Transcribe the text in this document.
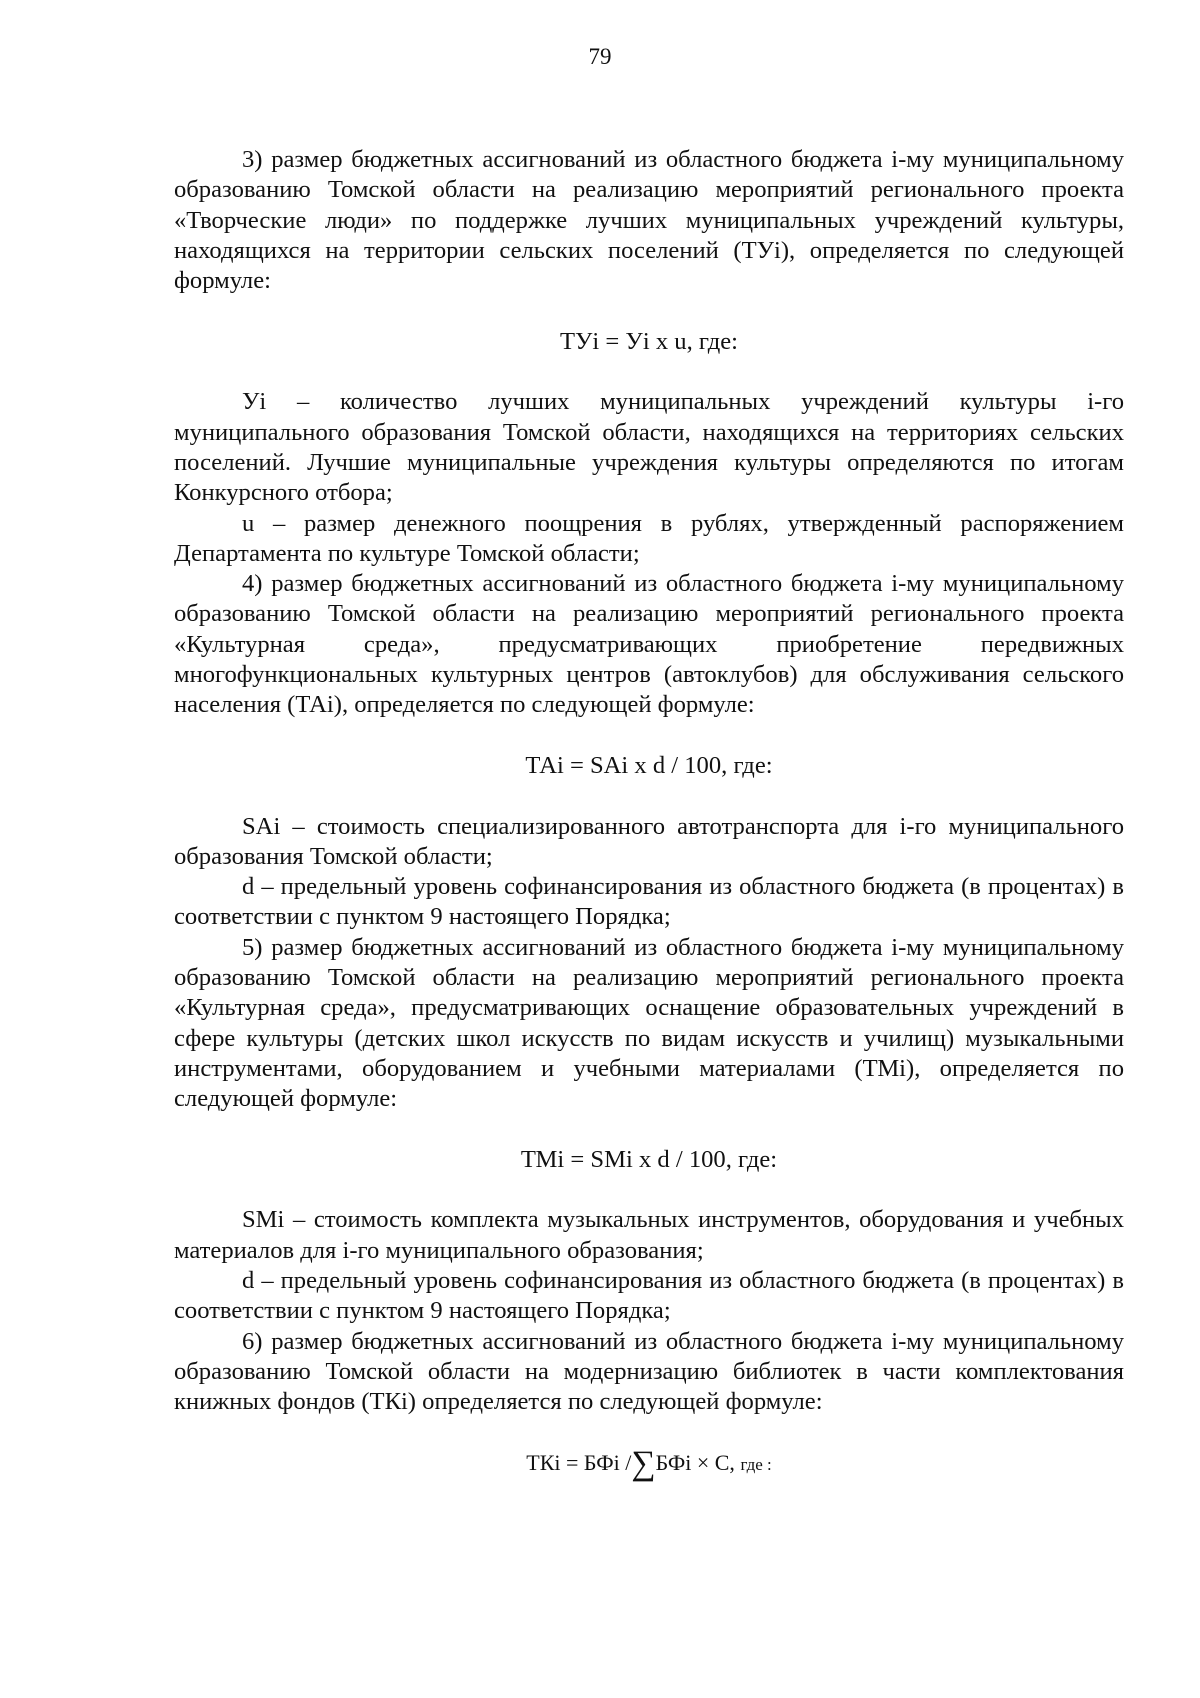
79

3) размер бюджетных ассигнований из областного бюджета i-му муниципальному образованию Томской области на реализацию мероприятий регионального проекта «Творческие люди» по поддержке лучших муниципальных учреждений культуры, находящихся на территории сельских поселений (ТУi), определяется по следующей формуле:

ТУi = Уi x u, где:

Уi – количество лучших муниципальных учреждений культуры i-го муниципального образования Томской области, находящихся на территориях сельских поселений. Лучшие муниципальные учреждения культуры определяются по итогам Конкурсного отбора;

u – размер денежного поощрения в рублях, утвержденный распоряжением Департамента по культуре Томской области;

4) размер бюджетных ассигнований из областного бюджета i-му муниципальному образованию Томской области на реализацию мероприятий регионального проекта «Культурная среда», предусматривающих приобретение передвижных многофункциональных культурных центров (автоклубов) для обслуживания сельского населения (ТАi), определяется по следующей формуле:

ТАi = SАi x d / 100, где:

SАi – стоимость специализированного автотранспорта для i-го муниципального образования Томской области;

d – предельный уровень софинансирования из областного бюджета (в процентах) в соответствии с пунктом 9 настоящего Порядка;

5) размер бюджетных ассигнований из областного бюджета i-му муниципальному образованию Томской области на реализацию мероприятий регионального проекта «Культурная среда», предусматривающих оснащение образовательных учреждений в сфере культуры (детских школ искусств по видам искусств и училищ) музыкальными инструментами, оборудованием и учебными материалами (ТМi), определяется по следующей формуле:

ТМi = SМi x d / 100, где:

SMi – стоимость комплекта музыкальных инструментов, оборудования и учебных материалов для i-го муниципального образования;

d – предельный уровень софинансирования из областного бюджета (в процентах) в соответствии с пунктом 9 настоящего Порядка;

6) размер бюджетных ассигнований из областного бюджета i-му муниципальному образованию Томской области на модернизацию библиотек в части комплектования книжных фондов (ТКi) определяется по следующей формуле:

ТКi = БФi /∑БФi × С, где :
